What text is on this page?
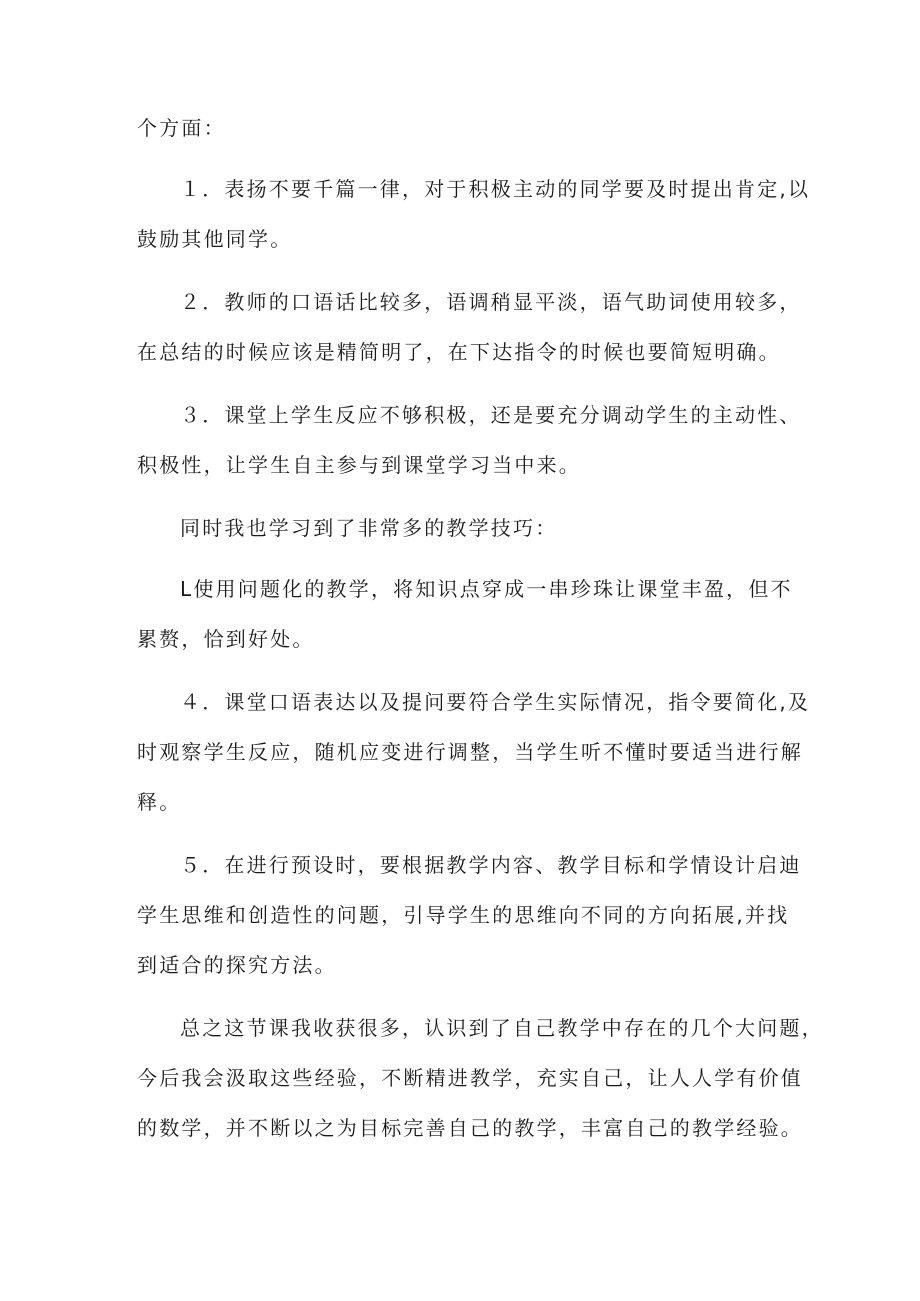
个方面：
１．表扬不要千篇一律，对于积极主动的同学要及时提出肯定,以
鼓励其他同学。
２．教师的口语话比较多，语调稍显平淡，语气助词使用较多，
在总结的时候应该是精简明了，在下达指令的时候也要简短明确。
３．课堂上学生反应不够积极，还是要充分调动学生的主动性、
积极性，让学生自主参与到课堂学习当中来。
同时我也学习到了非常多的教学技巧：
L使用问题化的教学，将知识点穿成一串珍珠让课堂丰盈，但不
累赘，恰到好处。
４．课堂口语表达以及提问要符合学生实际情况，指令要简化,及
时观察学生反应，随机应变进行调整，当学生听不懂时要适当进行解
释。
５．在进行预设时，要根据教学内容、教学目标和学情设计启迪
学生思维和创造性的问题，引导学生的思维向不同的方向拓展,并找
到适合的探究方法。
总之这节课我收获很多，认识到了自己教学中存在的几个大问题，
今后我会汲取这些经验，不断精进教学，充实自己，让人人学有价值
的数学，并不断以之为目标完善自己的教学，丰富自己的教学经验。
